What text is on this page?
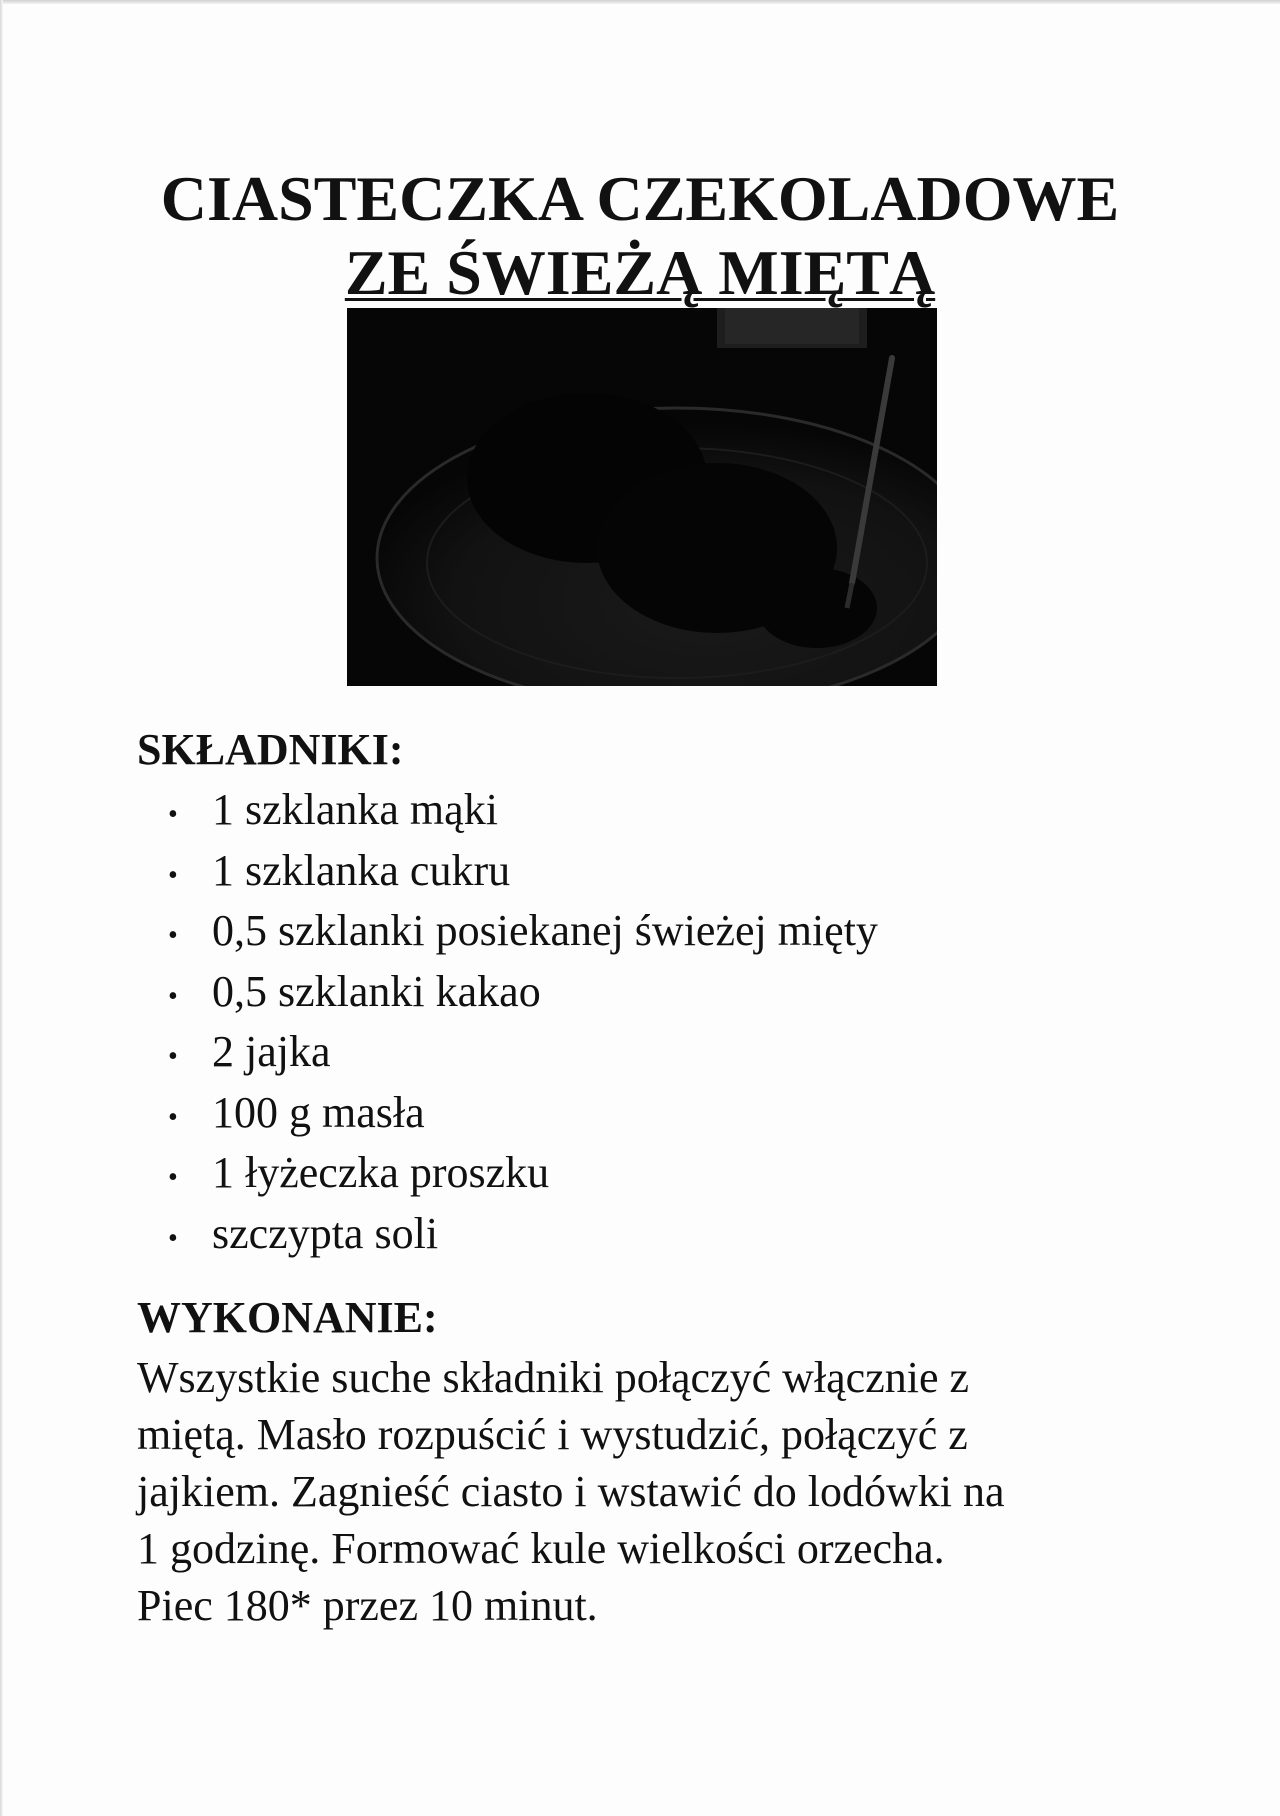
CIASTECZKA CZEKOLADOWE
ZE ŚWIEŻĄ MIĘTĄ
SKŁADNIKI:
• 1 szklanka mąki
• 1 szklanka cukru
• 0,5 szklanki posiekanej świeżej mięty
• 0,5 szklanki kakao
• 2 jajka
• 100 g masła
• 1 łyżeczka proszku
• szczypta soli
WYKONANIE:
Wszystkie suche składniki połączyć włącznie z
miętą. Masło rozpuścić i wystudzić, połączyć z
jajkiem. Zagnieść ciasto i wstawić do lodówki na
1 godzinę. Formować kule wielkości orzecha.
Piec 180* przez 10 minut.
